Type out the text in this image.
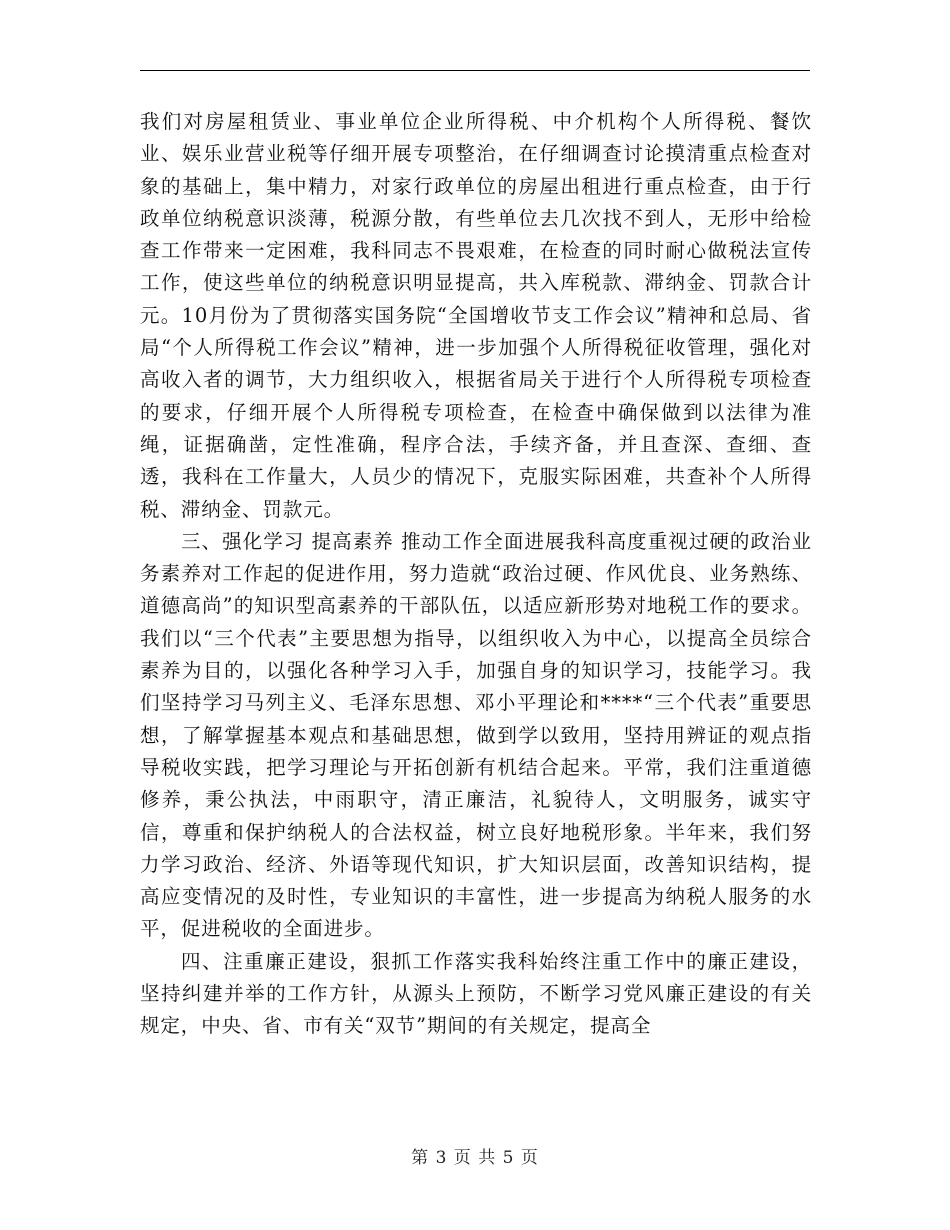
我们对房屋租赁业、事业单位企业所得税、中介机构个人所得税、餐饮业、娱乐业营业税等仔细开展专项整治，在仔细调查讨论摸清重点检查对象的基础上，集中精力，对家行政单位的房屋出租进行重点检查，由于行政单位纳税意识淡薄，税源分散，有些单位去几次找不到人，无形中给检查工作带来一定困难，我科同志不畏艰难，在检查的同时耐心做税法宣传工作，使这些单位的纳税意识明显提高，共入库税款、滞纳金、罚款合计 元。10月份为了贯彻落实国务院“全国增收节支工作会议”精神和总局、省局“个人所得税工作会议”精神，进一步加强个人所得税征收管理，强化对高收入者的调节，大力组织收入，根据省局关于进行个人所得税专项检查的要求，仔细开展个人所得税专项检查，在检查中确保做到以法律为准绳，证据确凿，定性准确，程序合法，手续齐备，并且查深、查细、查透，我科在工作量大，人员少的情况下，克服实际困难，共查补个人所得税、滞纳金、罚款元。

三、强化学习 提高素养 推动工作全面进展我科高度重视过硬的政治业务素养对工作起的促进作用，努力造就“政治过硬、作风优良、业务熟练、道德高尚”的知识型高素养的干部队伍，以适应新形势对地税工作的要求。我们以“三个代表”主要思想为指导，以组织收入为中心，以提高全员综合素养为目的，以强化各种学习入手，加强自身的知识学习，技能学习。我们坚持学习马列主义、毛泽东思想、邓小平理论和****“三个代表”重要思想，了解掌握基本观点和基础思想，做到学以致用，坚持用辨证的观点指导税收实践，把学习理论与开拓创新有机结合起来。平常，我们注重道德修养，秉公执法，中雨职守，清正廉洁，礼貌待人，文明服务，诚实守信，尊重和保护纳税人的合法权益，树立良好地税形象。半年来，我们努力学习政治、经济、外语等现代知识，扩大知识层面，改善知识结构，提高应变情况的及时性，专业知识的丰富性，进一步提高为纳税人服务的水平，促进税收的全面进步。

四、注重廉正建设，狠抓工作落实我科始终注重工作中的廉正建设，坚持纠建并举的工作方针，从源头上预防，不断学习党风廉正建设的有关规定，中央、省、市有关“双节”期间的有关规定，提高全

第 3 页 共 5 页
